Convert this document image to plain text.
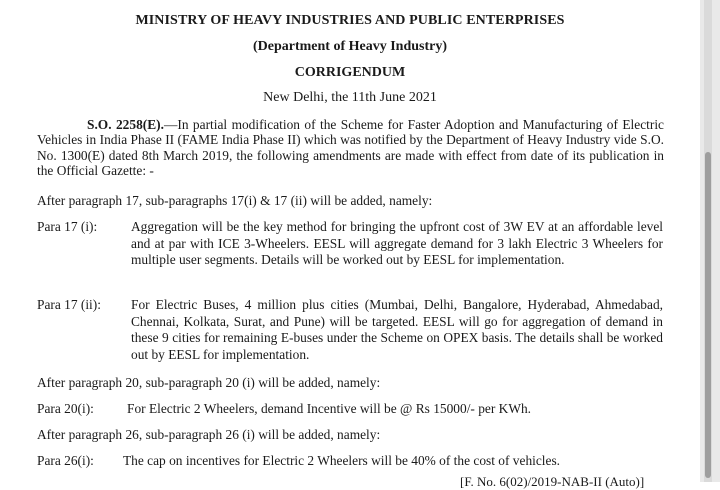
MINISTRY OF HEAVY INDUSTRIES AND PUBLIC ENTERPRISES
(Department of Heavy Industry)
CORRIGENDUM
New Delhi, the 11th June 2021
S.O. 2258(E).—In partial modification of the Scheme for Faster Adoption and Manufacturing of Electric Vehicles in India Phase II (FAME India Phase II) which was notified by the Department of Heavy Industry vide S.O. No. 1300(E) dated 8th March 2019, the following amendments are made with effect from date of its publication in the Official Gazette: -
After paragraph 17, sub-paragraphs 17(i) & 17 (ii) will be added, namely:
Para 17 (i):	Aggregation will be the key method for bringing the upfront cost of 3W EV at an affordable level and at par with ICE 3-Wheelers. EESL will aggregate demand for 3 lakh Electric 3 Wheelers for multiple user segments. Details will be worked out by EESL for implementation.
Para 17 (ii): For Electric Buses, 4 million plus cities (Mumbai, Delhi, Bangalore, Hyderabad, Ahmedabad, Chennai, Kolkata, Surat, and Pune) will be targeted. EESL will go for aggregation of demand in these 9 cities for remaining E-buses under the Scheme on OPEX basis. The details shall be worked out by EESL for implementation.
After paragraph 20, sub-paragraph 20 (i) will be added, namely:
Para 20(i): For Electric 2 Wheelers, demand Incentive will be @ Rs 15000/- per KWh.
After paragraph 26, sub-paragraph 26 (i) will be added, namely:
Para 26(i): The cap on incentives for Electric 2 Wheelers will be 40% of the cost of vehicles.
[F. No. 6(02)/2019-NAB-II (Auto)]
